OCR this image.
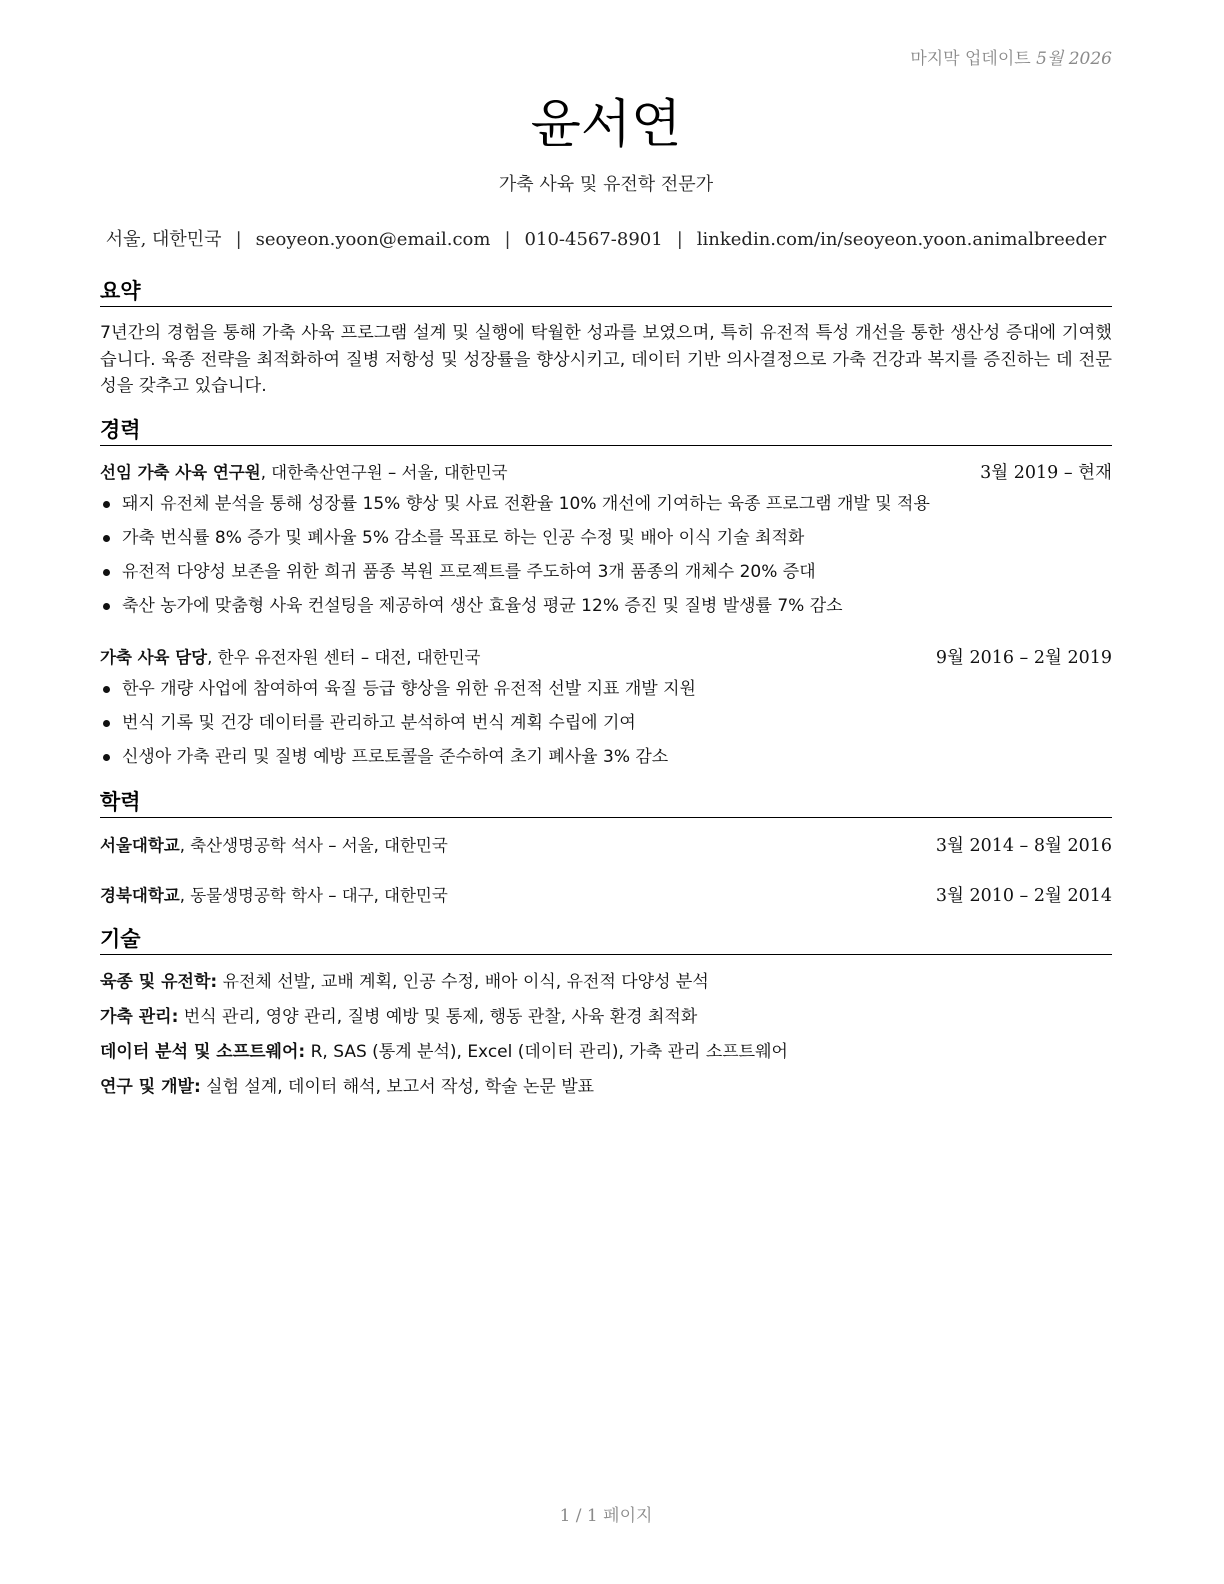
마지막 업데이트 5월 2026
윤서연
가축 사육 및 유전학 전문가
서울, 대한민국 | seoyeon.yoon@email.com | 010-4567-8901 | linkedin.com/in/seoyeon.yoon.animalbreeder
요약
7년간의 경험을 통해 가축 사육 프로그램 설계 및 실행에 탁월한 성과를 보였으며, 특히 유전적 특성 개선을 통한 생산성 증대에 기여했습니다. 육종 전략을 최적화하여 질병 저항성 및 성장률을 향상시키고, 데이터 기반 의사결정으로 가축 건강과 복지를 증진하는 데 전문성을 갖추고 있습니다.
경력
선임 가축 사육 연구원, 대한축산연구원 – 서울, 대한민국	3월 2019 – 현재
돼지 유전체 분석을 통해 성장률 15% 향상 및 사료 전환율 10% 개선에 기여하는 육종 프로그램 개발 및 적용
가축 번식률 8% 증가 및 폐사율 5% 감소를 목표로 하는 인공 수정 및 배아 이식 기술 최적화
유전적 다양성 보존을 위한 희귀 품종 복원 프로젝트를 주도하여 3개 품종의 개체수 20% 증대
축산 농가에 맞춤형 사육 컨설팅을 제공하여 생산 효율성 평균 12% 증진 및 질병 발생률 7% 감소
가축 사육 담당, 한우 유전자원 센터 – 대전, 대한민국	9월 2016 – 2월 2019
한우 개량 사업에 참여하여 육질 등급 향상을 위한 유전적 선발 지표 개발 지원
번식 기록 및 건강 데이터를 관리하고 분석하여 번식 계획 수립에 기여
신생아 가축 관리 및 질병 예방 프로토콜을 준수하여 초기 폐사율 3% 감소
학력
서울대학교, 축산생명공학 석사 – 서울, 대한민국	3월 2014 – 8월 2016
경북대학교, 동물생명공학 학사 – 대구, 대한민국	3월 2010 – 2월 2014
기술
육종 및 유전학: 유전체 선발, 교배 계획, 인공 수정, 배아 이식, 유전적 다양성 분석
가축 관리: 번식 관리, 영양 관리, 질병 예방 및 통제, 행동 관찰, 사육 환경 최적화
데이터 분석 및 소프트웨어: R, SAS (통계 분석), Excel (데이터 관리), 가축 관리 소프트웨어
연구 및 개발: 실험 설계, 데이터 해석, 보고서 작성, 학술 논문 발표
1 / 1 페이지
